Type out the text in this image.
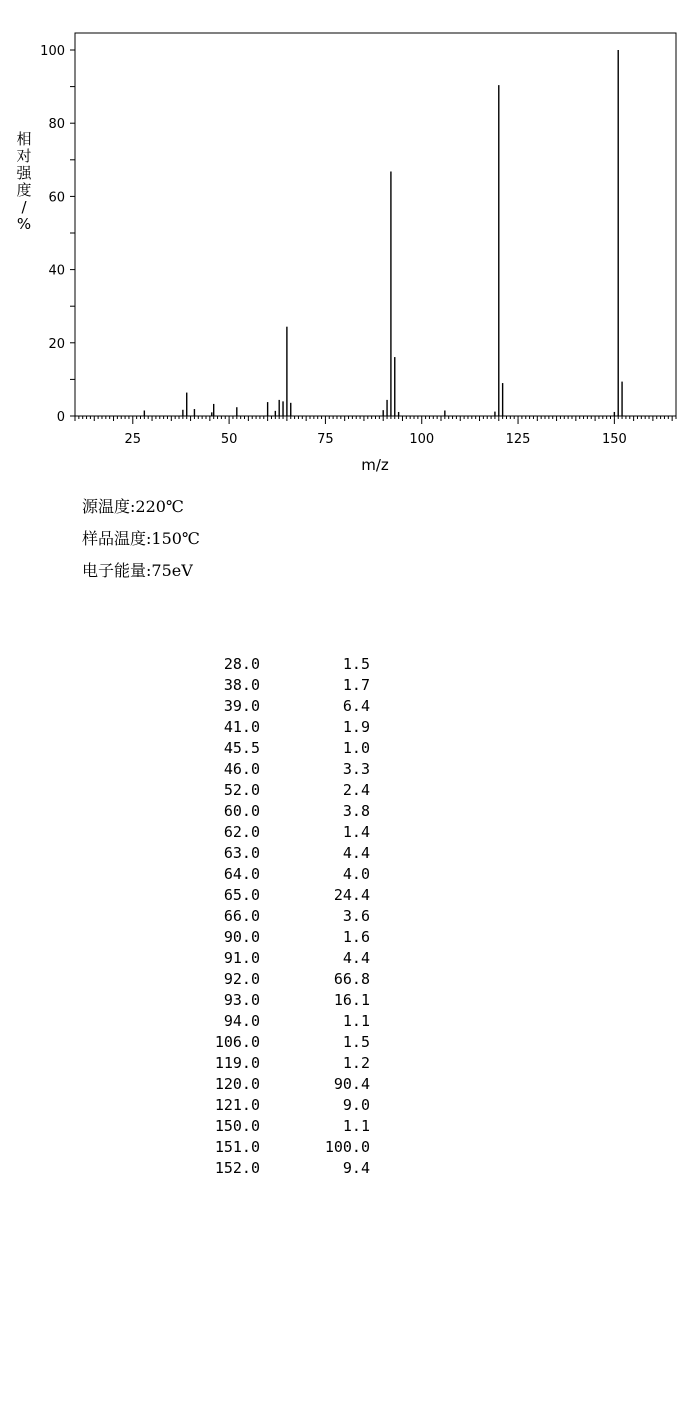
0
20
40
60
80
100
25	50	75	100	125	150
m/z
相对强度/ %
源温度:220℃
样品温度:150℃
电子能量:75eV
28.0	1.5
38.0	1.7
39.0	6.4
41.0	1.9
45.5	1.0
46.0	3.3
52.0	2.4
60.0	3.8
62.0	1.4
63.0	4.4
64.0	4.0
65.0	24.4
66.0	3.6
90.0	1.6
91.0	4.4
92.0	66.8
93.0	16.1
94.0	1.1
106.0	1.5
119.0	1.2
120.0	90.4
121.0	9.0
150.0	1.1
151.0	100.0
152.0	9.4
